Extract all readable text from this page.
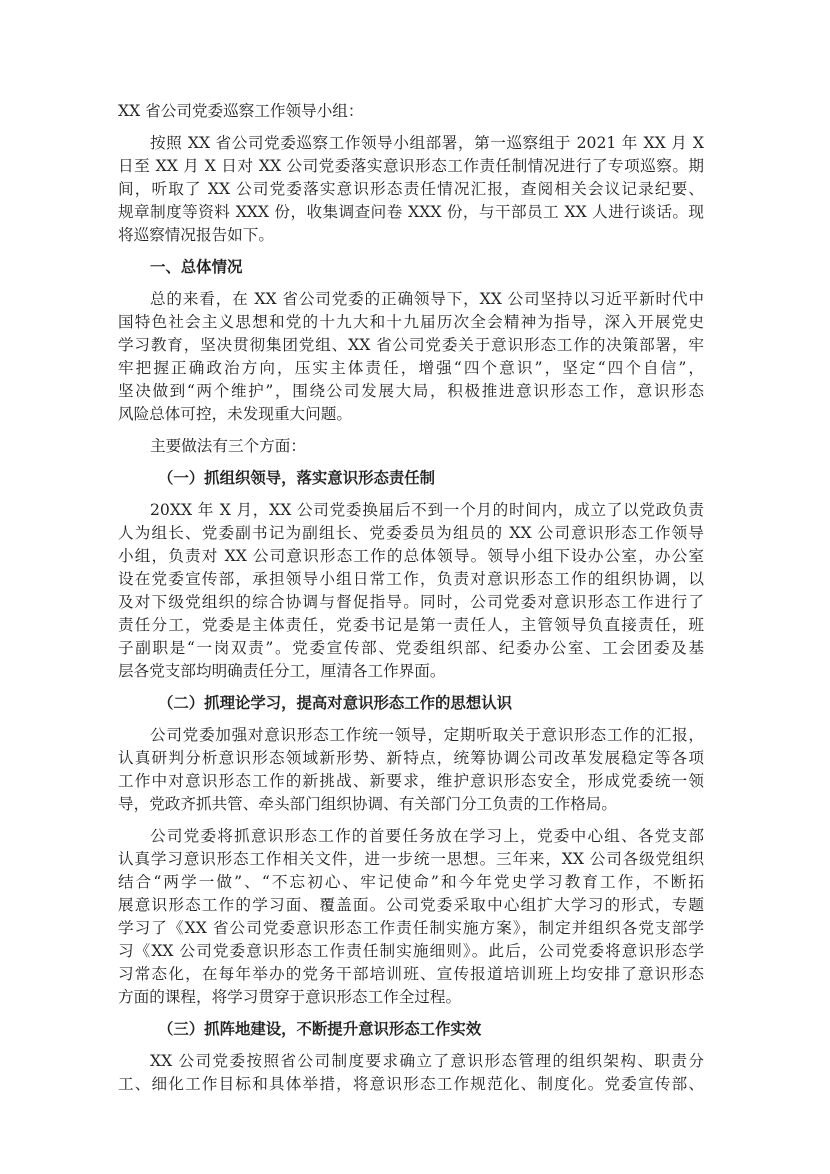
XX 省公司党委巡察工作领导小组：
按照 XX 省公司党委巡察工作领导小组部署，第一巡察组于 2021 年 XX 月 X
日至 XX 月 X 日对 XX 公司党委落实意识形态工作责任制情况进行了专项巡察。期
间，听取了 XX 公司党委落实意识形态责任情况汇报，查阅相关会议记录纪要、
规章制度等资料 XXX 份，收集调查问卷 XXX 份，与干部员工 XX 人进行谈话。现
将巡察情况报告如下。
一、总体情况
总的来看，在 XX 省公司党委的正确领导下，XX 公司坚持以习近平新时代中
国特色社会主义思想和党的十九大和十九届历次全会精神为指导，深入开展党史
学习教育，坚决贯彻集团党组、XX 省公司党委关于意识形态工作的决策部署，牢
牢把握正确政治方向，压实主体责任，增强“四个意识”，坚定“四个自信”，
坚决做到“两个维护”，围绕公司发展大局，积极推进意识形态工作，意识形态
风险总体可控，未发现重大问题。
主要做法有三个方面：
（一）抓组织领导，落实意识形态责任制
20XX 年 X 月，XX 公司党委换届后不到一个月的时间内，成立了以党政负责
人为组长、党委副书记为副组长、党委委员为组员的 XX 公司意识形态工作领导
小组，负责对 XX 公司意识形态工作的总体领导。领导小组下设办公室，办公室
设在党委宣传部，承担领导小组日常工作，负责对意识形态工作的组织协调，以
及对下级党组织的综合协调与督促指导。同时，公司党委对意识形态工作进行了
责任分工，党委是主体责任，党委书记是第一责任人，主管领导负直接责任，班
子副职是“一岗双责”。党委宣传部、党委组织部、纪委办公室、工会团委及基
层各党支部均明确责任分工，厘清各工作界面。
（二）抓理论学习，提高对意识形态工作的思想认识
公司党委加强对意识形态工作统一领导，定期听取关于意识形态工作的汇报，
认真研判分析意识形态领域新形势、新特点，统筹协调公司改革发展稳定等各项
工作中对意识形态工作的新挑战、新要求，维护意识形态安全，形成党委统一领
导，党政齐抓共管、牵头部门组织协调、有关部门分工负责的工作格局。
公司党委将抓意识形态工作的首要任务放在学习上，党委中心组、各党支部
认真学习意识形态工作相关文件，进一步统一思想。三年来，XX 公司各级党组织
结合“两学一做”、“不忘初心、牢记使命”和今年党史学习教育工作，不断拓
展意识形态工作的学习面、覆盖面。公司党委采取中心组扩大学习的形式，专题
学习了《XX 省公司党委意识形态工作责任制实施方案》，制定并组织各党支部学
习《XX 公司党委意识形态工作责任制实施细则》。此后，公司党委将意识形态学
习常态化，在每年举办的党务干部培训班、宣传报道培训班上均安排了意识形态
方面的课程，将学习贯穿于意识形态工作全过程。
（三）抓阵地建设，不断提升意识形态工作实效
XX 公司党委按照省公司制度要求确立了意识形态管理的组织架构、职责分
工、细化工作目标和具体举措，将意识形态工作规范化、制度化。党委宣传部、
